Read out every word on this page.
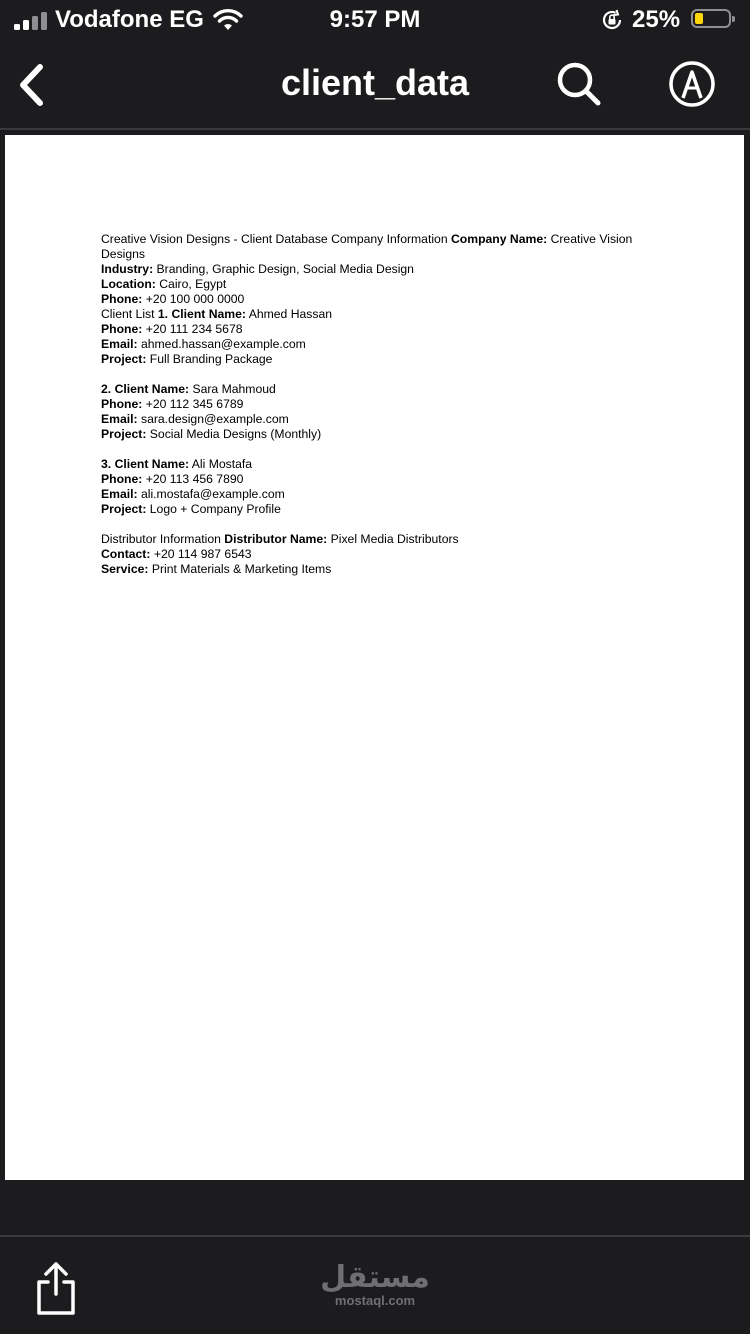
Vodafone EG	9:57 PM	25%
client_data
Creative Vision Designs - Client Database Company Information Company Name: Creative Vision Designs
Industry: Branding, Graphic Design, Social Media Design
Location: Cairo, Egypt
Phone: +20 100 000 0000
Client List 1. Client Name: Ahmed Hassan
Phone: +20 111 234 5678
Email: ahmed.hassan@example.com
Project: Full Branding Package
2. Client Name: Sara Mahmoud
Phone: +20 112 345 6789
Email: sara.design@example.com
Project: Social Media Designs (Monthly)
3. Client Name: Ali Mostafa
Phone: +20 113 456 7890
Email: ali.mostafa@example.com
Project: Logo + Company Profile
Distributor Information Distributor Name: Pixel Media Distributors
Contact: +20 114 987 6543
Service: Print Materials & Marketing Items
مستقل
mostaql.com
